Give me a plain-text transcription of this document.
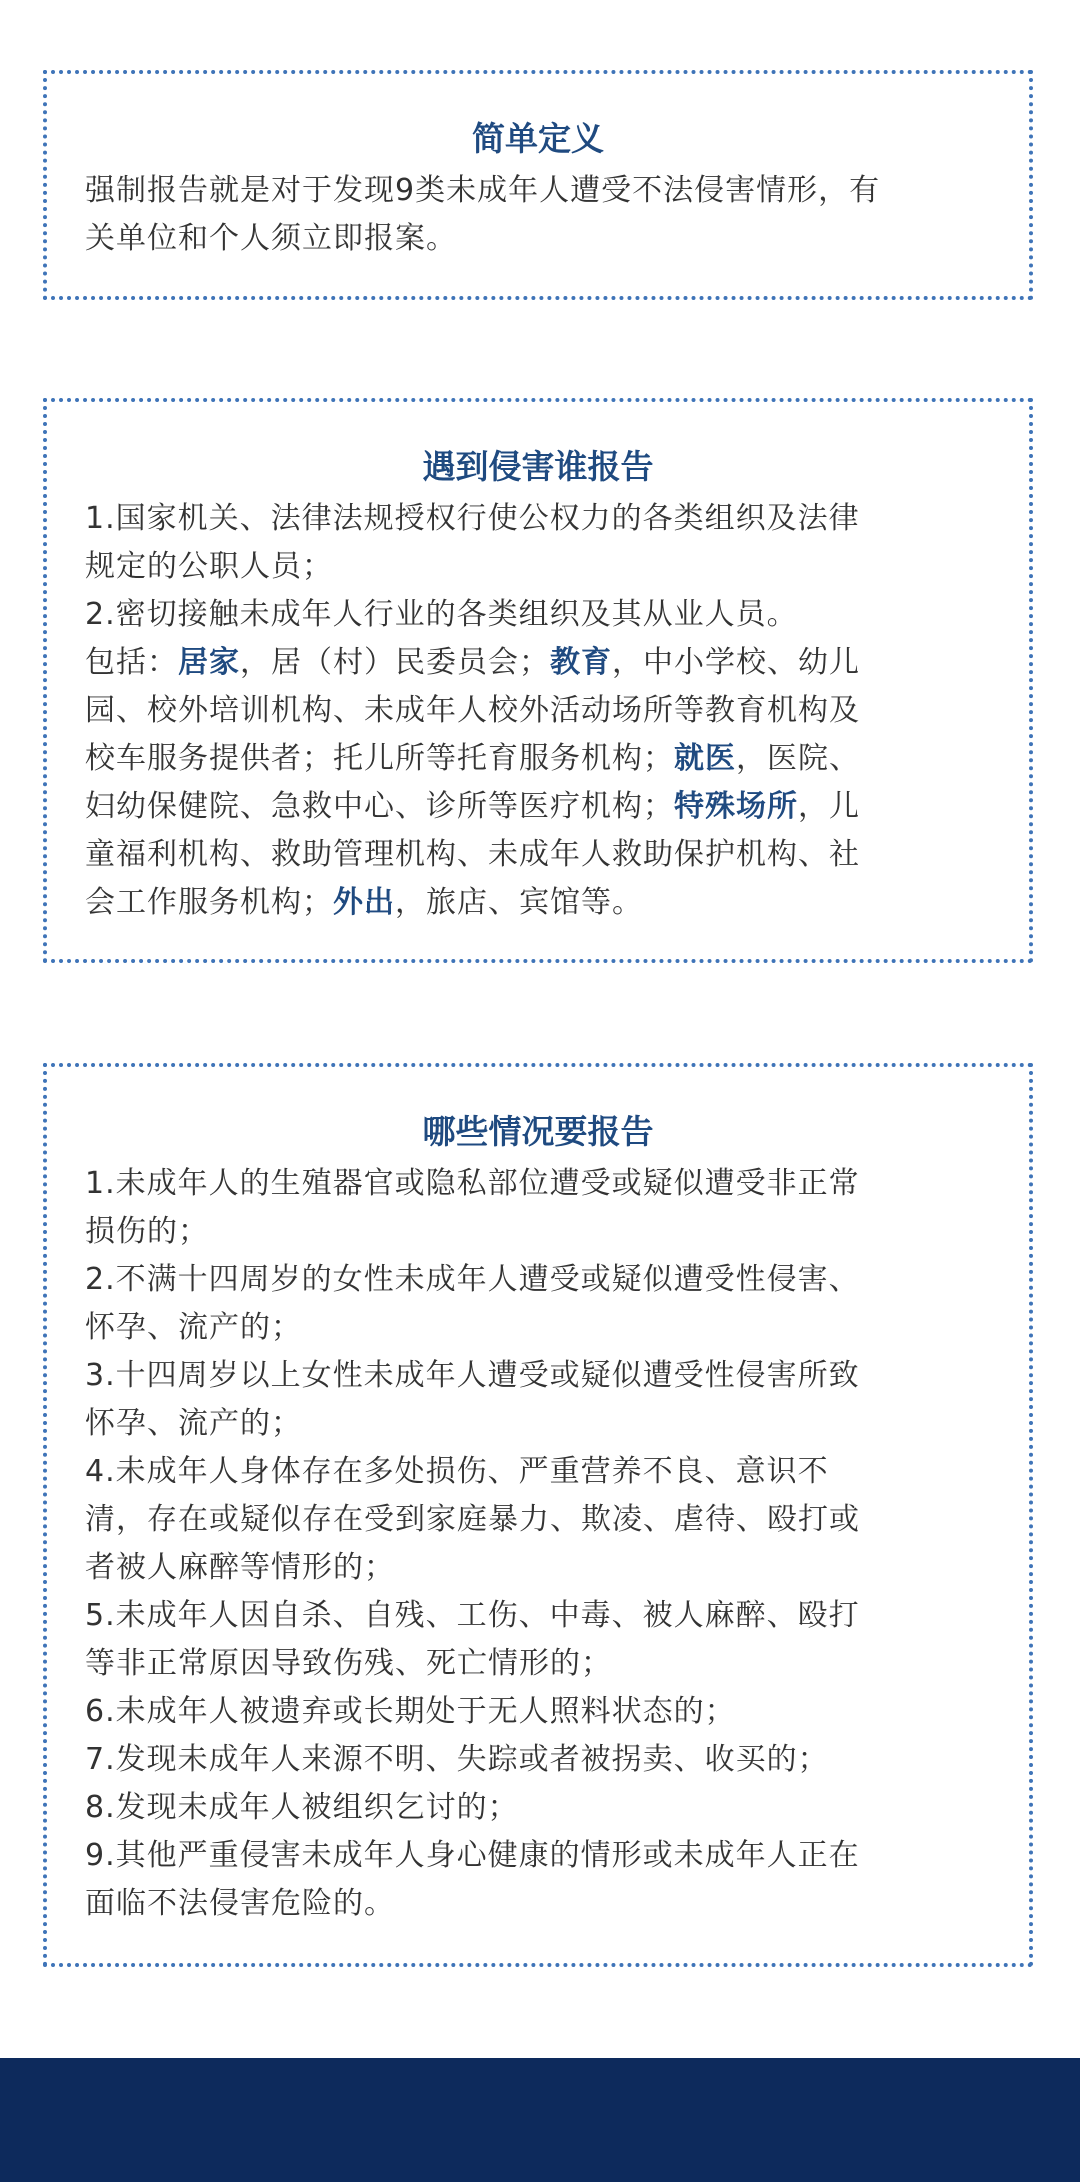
简单定义
强制报告就是对于发现9类未成年人遭受不法侵害情形，有
关单位和个人须立即报案。
遇到侵害谁报告
1.国家机关、法律法规授权行使公权力的各类组织及法律
规定的公职人员；
2.密切接触未成年人行业的各类组织及其从业人员。
包括：居家，居（村）民委员会；教育，中小学校、幼儿
园、校外培训机构、未成年人校外活动场所等教育机构及
校车服务提供者；托儿所等托育服务机构；就医，医院、
妇幼保健院、急救中心、诊所等医疗机构；特殊场所，儿
童福利机构、救助管理机构、未成年人救助保护机构、社
会工作服务机构；外出，旅店、宾馆等。
哪些情况要报告
1.未成年人的生殖器官或隐私部位遭受或疑似遭受非正常
损伤的；
2.不满十四周岁的女性未成年人遭受或疑似遭受性侵害、
怀孕、流产的；
3.十四周岁以上女性未成年人遭受或疑似遭受性侵害所致
怀孕、流产的；
4.未成年人身体存在多处损伤、严重营养不良、意识不
清，存在或疑似存在受到家庭暴力、欺凌、虐待、殴打或
者被人麻醉等情形的；
5.未成年人因自杀、自残、工伤、中毒、被人麻醉、殴打
等非正常原因导致伤残、死亡情形的；
6.未成年人被遗弃或长期处于无人照料状态的；
7.发现未成年人来源不明、失踪或者被拐卖、收买的；
8.发现未成年人被组织乞讨的；
9.其他严重侵害未成年人身心健康的情形或未成年人正在
面临不法侵害危险的。
